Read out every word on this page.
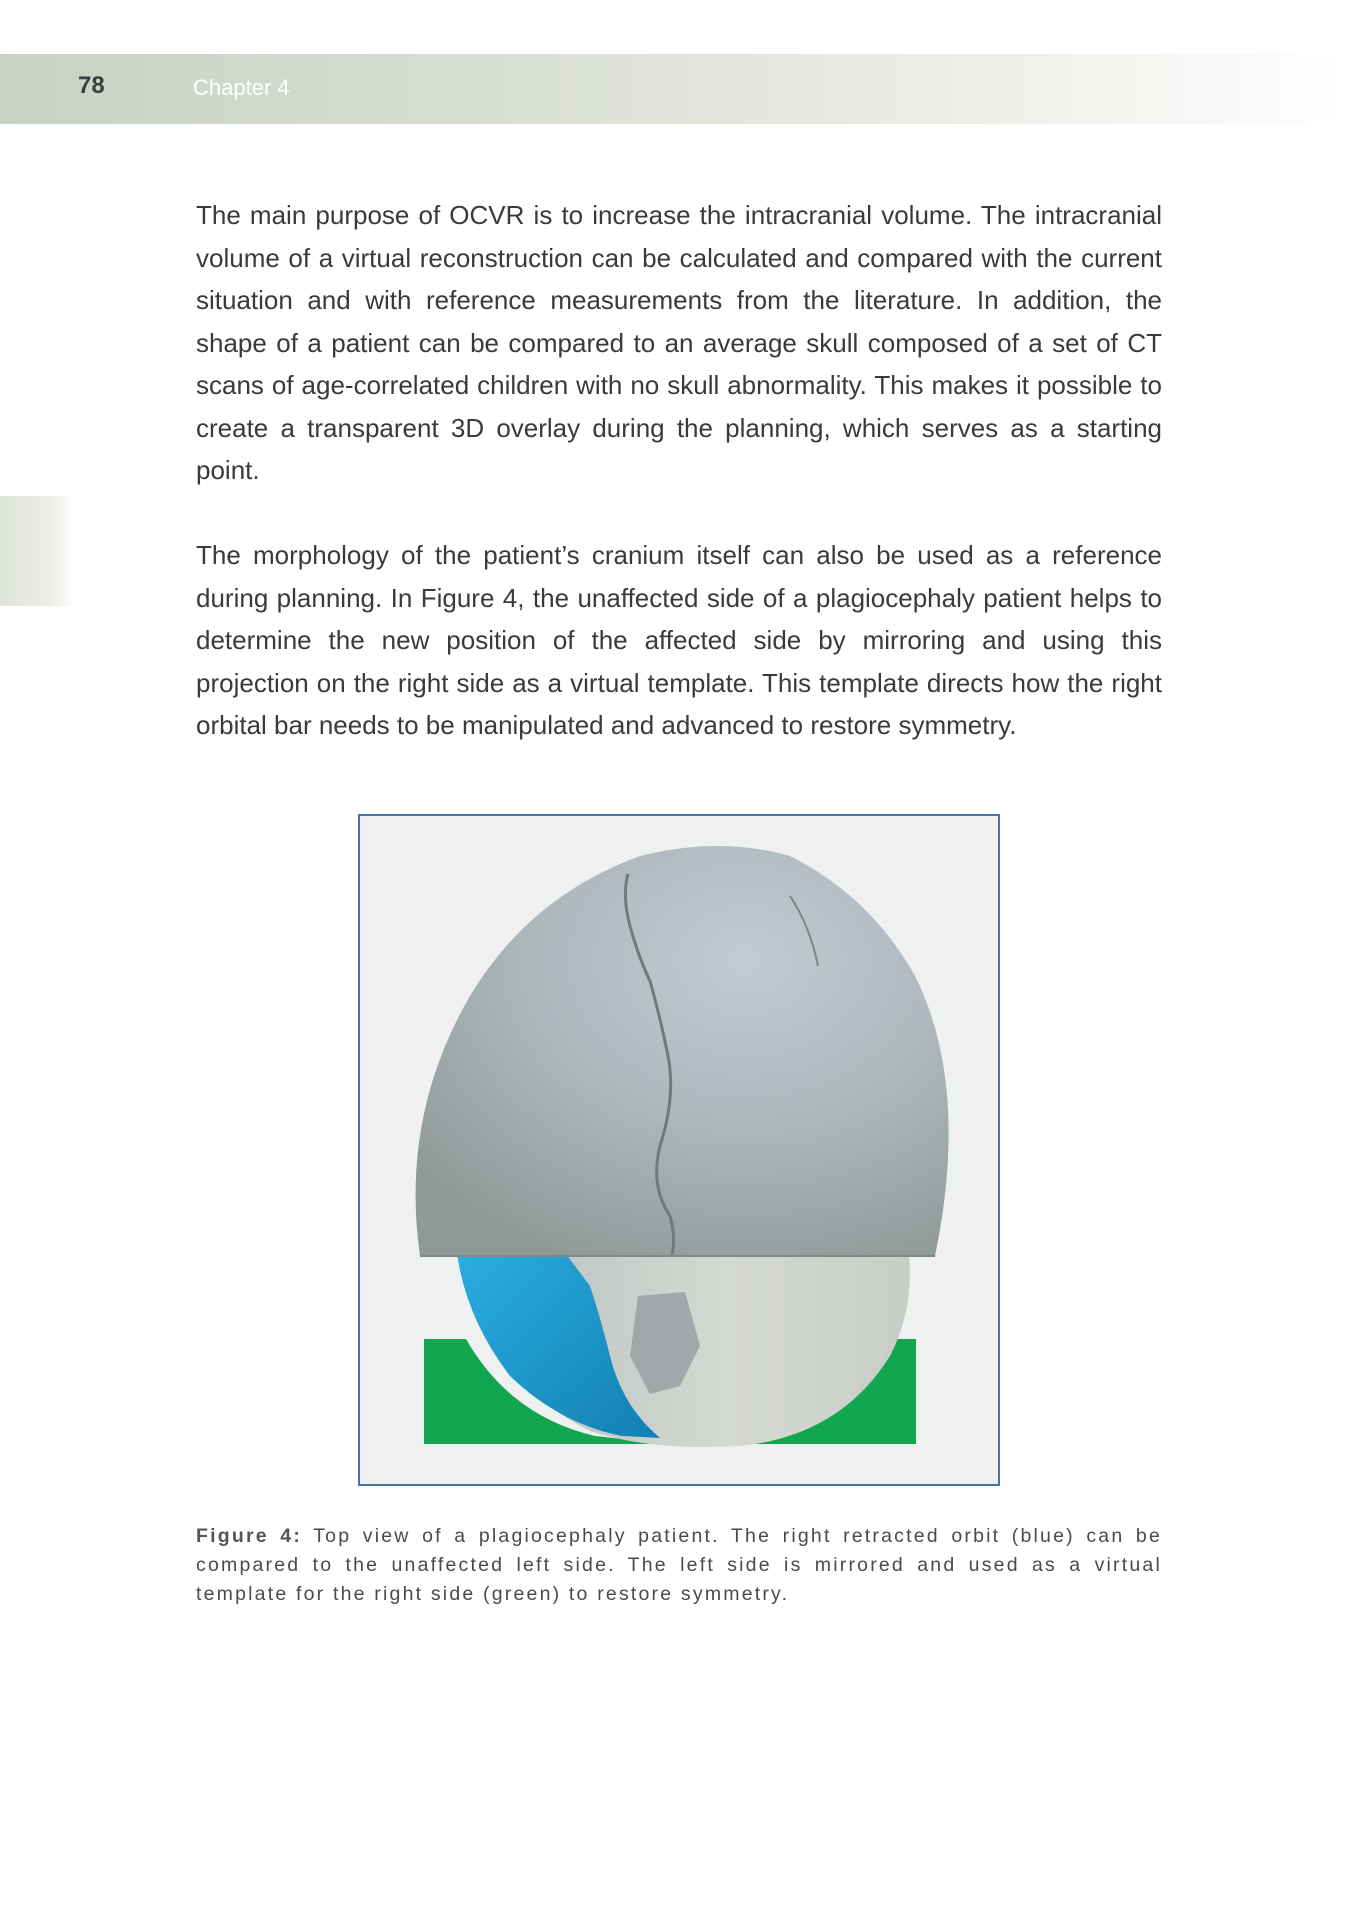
78	Chapter 4

The main purpose of OCVR is to increase the intracranial volume. The intracranial volume of a virtual reconstruction can be calculated and compared with the current situation and with reference measurements from the literature. In addition, the shape of a patient can be compared to an average skull composed of a set of CT scans of age-correlated children with no skull abnormality. This makes it possible to create a transparent 3D overlay during the planning, which serves as a starting point.

The morphology of the patient’s cranium itself can also be used as a reference during planning. In Figure 4, the unaffected side of a plagiocephaly patient helps to determine the new position of the affected side by mirroring and using this projection on the right side as a virtual template. This template directs how the right orbital bar needs to be manipulated and advanced to restore symmetry.

Figure 4: Top view of a plagiocephaly patient. The right retracted orbit (blue) can be compared to the unaffected left side. The left side is mirrored and used as a virtual template for the right side (green) to restore symmetry.
